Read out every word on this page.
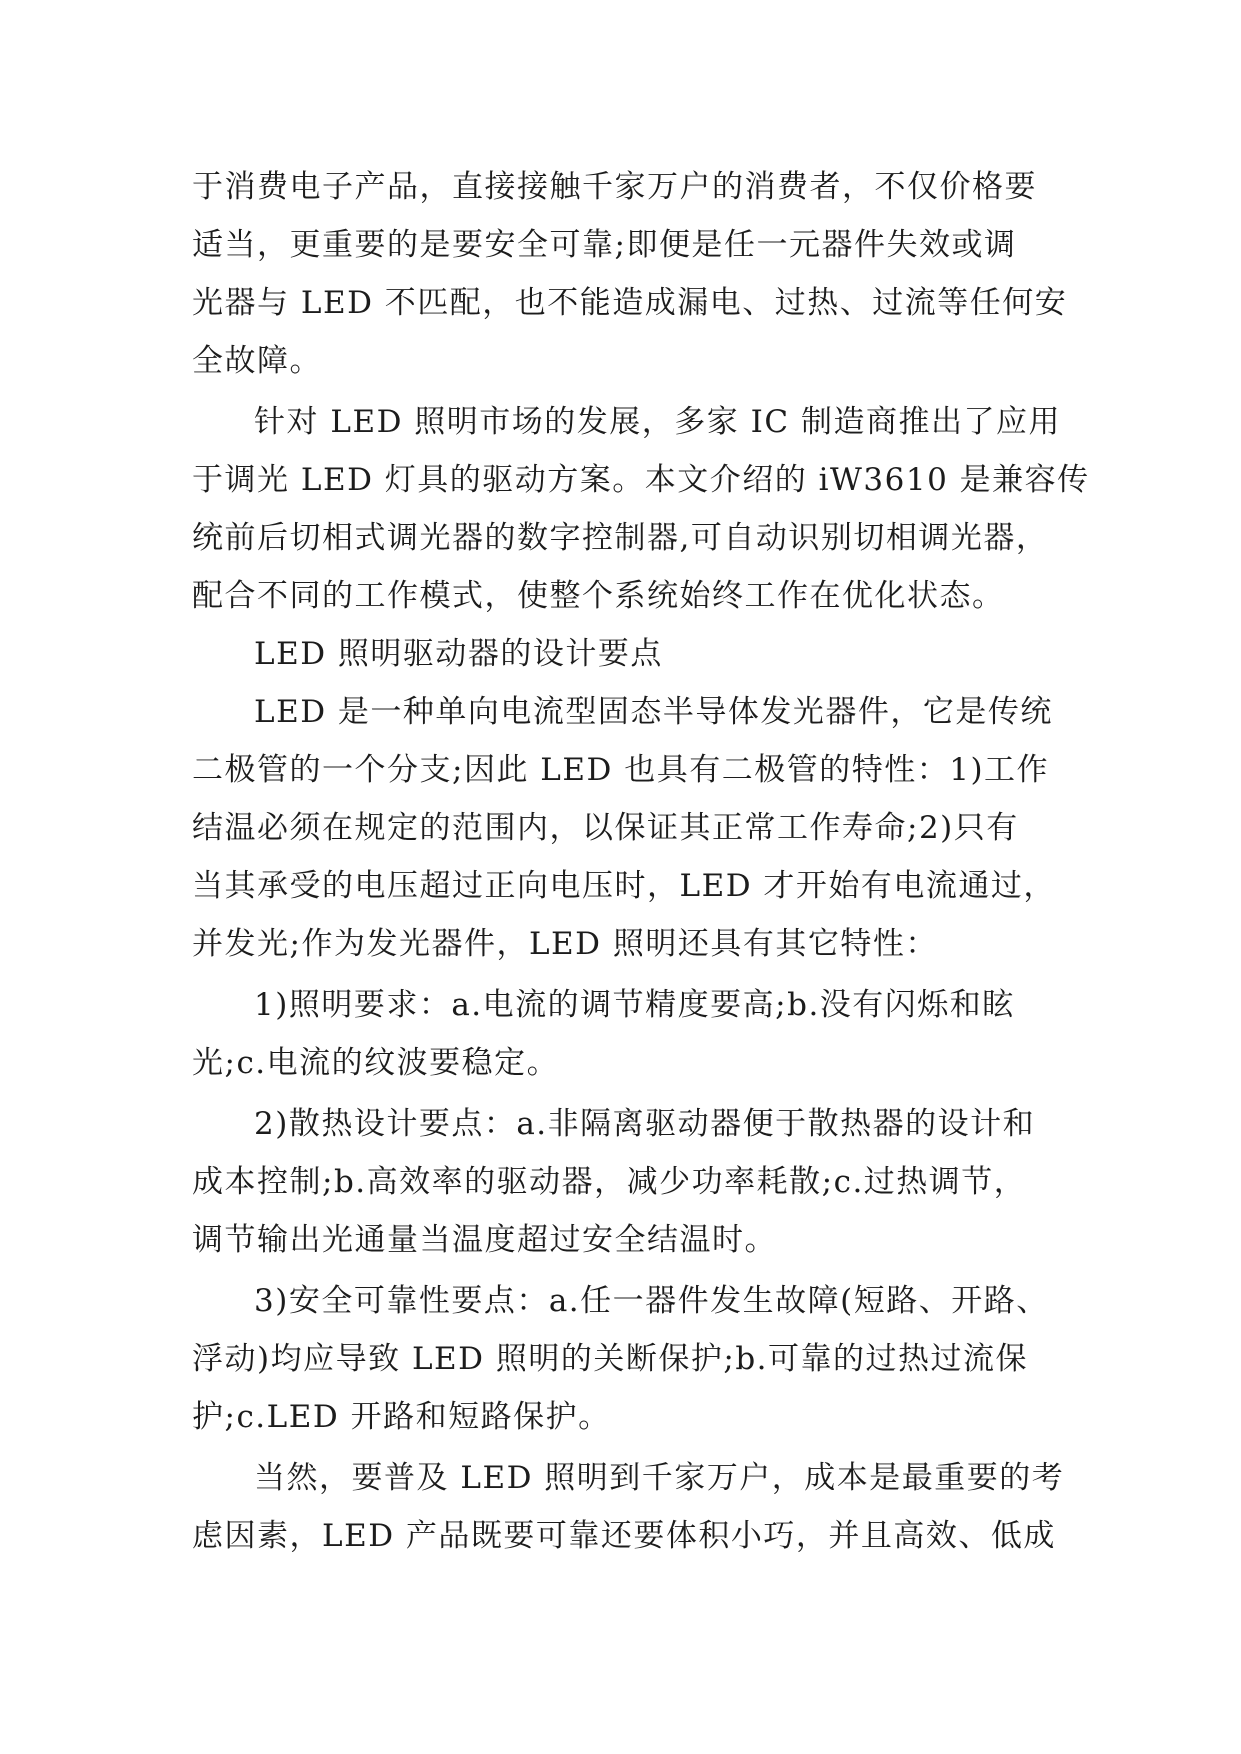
于消费电子产品，直接接触千家万户的消费者，不仅价格要
适当，更重要的是要安全可靠;即便是任一元器件失效或调
光器与 LED 不匹配，也不能造成漏电、过热、过流等任何安
全故障。
针对 LED 照明市场的发展，多家 IC 制造商推出了应用
于调光 LED 灯具的驱动方案。本文介绍的 iW3610 是兼容传
统前后切相式调光器的数字控制器,可自动识别切相调光器，
配合不同的工作模式，使整个系统始终工作在优化状态。
LED 照明驱动器的设计要点
LED 是一种单向电流型固态半导体发光器件，它是传统
二极管的一个分支;因此 LED 也具有二极管的特性：1)工作
结温必须在规定的范围内，以保证其正常工作寿命;2)只有
当其承受的电压超过正向电压时，LED 才开始有电流通过，
并发光;作为发光器件，LED 照明还具有其它特性：
1)照明要求：a.电流的调节精度要高;b.没有闪烁和眩
光;c.电流的纹波要稳定。
2)散热设计要点：a.非隔离驱动器便于散热器的设计和
成本控制;b.高效率的驱动器，减少功率耗散;c.过热调节，
调节输出光通量当温度超过安全结温时。
3)安全可靠性要点：a.任一器件发生故障(短路、开路、
浮动)均应导致 LED 照明的关断保护;b.可靠的过热过流保
护;c.LED 开路和短路保护。
当然，要普及 LED 照明到千家万户，成本是最重要的考
虑因素，LED 产品既要可靠还要体积小巧，并且高效、低成
